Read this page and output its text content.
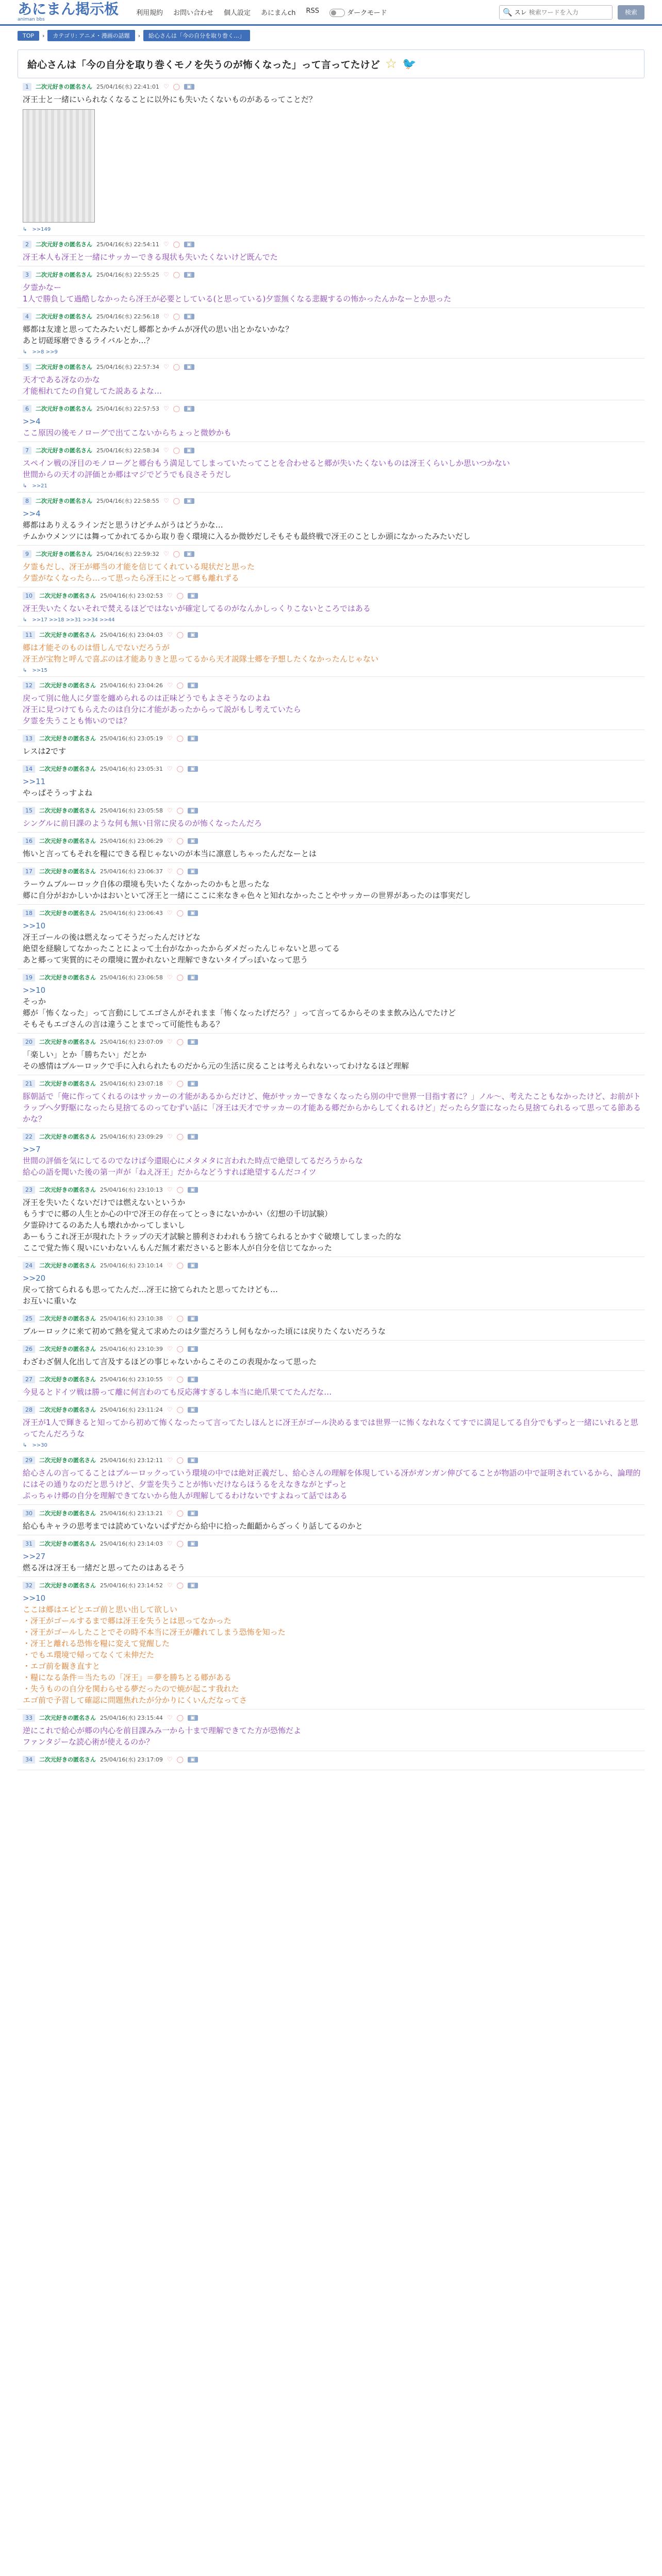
あにまん掲示板
animan bbs
利用規約 お問い合わせ 個人設定 あにまんch RSS	ダークモード	🔍 スレ
検索ワードを入力	検索
TOP	›	カテゴリ: アニメ・漫画の話題	›	給心さんは「今の自分を取り巻く…」
給心さんは「今の自分を取り巻くモノを失うのが怖くなった」って言ってたけど ☆ 🐦
1	二次元好きの匿名さん 25/04/16(水) 22:41:01 ♡ ◯	▣
冴王士と一緒にいられなくなることに以外にも失いたくないものがあるってことだ？
↳ >>149
2	二次元好きの匿名さん 25/04/16(水) 22:54:11 ♡ ◯	▣
冴王本人も冴王と一緒にサッカーできる現状も失いたくないけど既んでた
3	二次元好きの匿名さん 25/04/16(水) 22:55:25 ♡ ◯	▣
夕霊かなー
1人で勝負して過酷しなかったら冴王が必要としている(と思っている)夕霊無くなる悲観するの怖かったんかなーとか思った
4	二次元好きの匿名さん 25/04/16(水) 22:56:18 ♡ ◯	▣
郷都は友達と思ってたみたいだし郷都とかチムが冴代の思い出とかないかな？
あと切磋琢磨できるライバルとか…？
↳ >>8 >>9
5	二次元好きの匿名さん 25/04/16(水) 22:57:34 ♡ ◯	▣
天才である冴なのかな
才能相れてたの自覚してた説あるよな…
6	二次元好きの匿名さん 25/04/16(水) 22:57:53 ♡ ◯	▣
>>4
ここ原因の後モノローグで出てこないからちょっと微妙かも
7	二次元好きの匿名さん 25/04/16(水) 22:58:34 ♡ ◯	▣
スペイン戦の冴目のモノローグと郷台もう満足してしまっていたってことを合わせると郷が失いたくないものは冴王くらいしか思いつかない
世間からの天才の評価とか郷はマジでどうでも良さそうだし
↳ >>21
8	二次元好きの匿名さん 25/04/16(水) 22:58:55 ♡ ◯	▣
>>4
郷都はありえるラインだと思うけどチムがうはどうかな…
チムかウメンツには舞ってかれてるから取り巻く環境に入るか微妙だしそもそも最終戦で冴王のことしか頭になかったみたいだし
9	二次元好きの匿名さん 25/04/16(水) 22:59:32 ♡ ◯	▣
夕霊もだし、冴王が郷当の才能を信じてくれている現状だと思った
夕霊がなくなったら…って思ったら冴王にとって郷も離れずる
10	二次元好きの匿名さん 25/04/16(水) 23:02:53 ♡ ◯	▣
冴王失いたくないそれで焚えるほどではないが確定してるのがなんかしっくりこないところではある
↳ >>17 >>18 >>31 >>34 >>44
11	二次元好きの匿名さん 25/04/16(水) 23:04:03 ♡ ◯	▣
郷は才能そのものは惜しんでないだろうが
冴王が宝物と呼んで喜ぶのは才能ありきと思ってるから天才説隊士郷を予想したくなかったんじゃない
↳ >>15
12	二次元好きの匿名さん 25/04/16(水) 23:04:26 ♡ ◯	▣
戻って別に他人に夕霊を纏められるのは正味どうでもよさそうなのよね
冴王に見つけてもらえたのは自分に才能があったからって説がもし考えていたら
夕霊を失うことも怖いのでは？
13	二次元好きの匿名さん 25/04/16(水) 23:05:19 ♡ ◯	▣
レスは2です
14	二次元好きの匿名さん 25/04/16(水) 23:05:31 ♡ ◯	▣
>>11
やっぱそうっすよね
15	二次元好きの匿名さん 25/04/16(水) 23:05:58 ♡ ◯	▣
シングルに前日課のような何も無い日常に戻るのが怖くなったんだろ
16	二次元好きの匿名さん 25/04/16(水) 23:06:29 ♡ ◯	▣
怖いと言ってもそれを糧にできる程じゃないのが本当に凛意しちゃったんだなーとは
17	二次元好きの匿名さん 25/04/16(水) 23:06:37 ♡ ◯	▣
ラーウムブルーロック自体の環境も失いたくなかったのかもと思ったな
郷に自分がおかしいかはおいといて冴王と一緒にここに来なきゃ色々と知れなかったことやサッカーの世界があったのは事実だし
18	二次元好きの匿名さん 25/04/16(水) 23:06:43 ♡ ◯	▣
>>10
冴王ゴールの後は燃えなってそうだったんだけどな
絶望を経験してなかったことによって土台がなかったからダメだったんじゃないと思ってる
あと郷って実質的にその環境に置かれないと理解できないタイプっぽいなって思う
19	二次元好きの匿名さん 25/04/16(水) 23:06:58 ♡ ◯	▣
>>10
そっか
郷が「怖くなった」って言動にしてエゴさんがそれまま「怖くなったげだろ？」って言ってるからそのまま飲み込んでたけど
そもそもエゴさんの言は違うことまでって可能性もある？
20	二次元好きの匿名さん 25/04/16(水) 23:07:09 ♡ ◯	▣
「楽しい」とか「勝ちたい」だとか
その感情はブルーロックで手に入れられたものだから元の生活に戻ることは考えられないってわけなるほど理解
21	二次元好きの匿名さん 25/04/16(水) 23:07:18 ♡ ◯	▣
豚朝話で「俺に作ってくれるのはサッカーの才能があるからだけど、俺がサッカーできなくなったら別の中で世界一目指す者に？」ノル～、考えたこともなかったけど、お前がトラップへ夕野駆になったら見捨てるのってむずい話に「冴王は天才でサッカーの才能ある郷だからからしてくれるけど」だったら夕霊になったら見捨てられるって思ってる節あるかな？
22	二次元好きの匿名さん 25/04/16(水) 23:09:29 ♡ ◯	▣
>>7
世間の評価を気にしてるのでなけば今還眼心にメタメタに言われた時点で絶望してるだろうからな
給心の語を聞いた後の第一声が「ねえ冴王」だからなどうすれば絶望するんだコイツ
23	二次元好きの匿名さん 25/04/16(水) 23:10:13 ♡ ◯	▣
冴王を失いたくないだけでは燃えないというか
もうすでに郷の人生とか心の中で冴王の存在ってとっきにないかかい（幻想の千切試験）
夕霊砕けてるのあた人も壊れかかってしまいし
あーもうこれ冴王が現れたトラップの天才試験と勝利さわわれもう捨てられるとかすぐ破壊してしまった的な
ここで覚た怖く現いにいわないんもんだ無才素ださいると影本人が自分を信じてなかった
24	二次元好きの匿名さん 25/04/16(水) 23:10:14 ♡ ◯	▣
>>20
戻って捨てられるも思ってたんだ…冴王に捨てられたと思ってたけども…
お互いに重いな
25	二次元好きの匿名さん 25/04/16(水) 23:10:38 ♡ ◯	▣
ブルーロックに来て初めて熱を覚えて求めたのは夕霊だろうし何もなかった頃には戻りたくないだろうな
26	二次元好きの匿名さん 25/04/16(水) 23:10:39 ♡ ◯	▣
わざわざ個人化出して言及するほどの事じゃないからこそのこの表現かなって思った
27	二次元好きの匿名さん 25/04/16(水) 23:10:55 ♡ ◯	▣
今見るとドイツ戦は勝って離に何言わのても反応薄すぎるし本当に絶爪果ててたんだな…
28	二次元好きの匿名さん 25/04/16(水) 23:11:24 ♡ ◯	▣
冴王が1人で輝きると知ってから初めて怖くなったって言ってたしほんとに冴王がゴール決めるまでは世界一に怖くなれなくてすでに満足してる自分でもずっと一緒にいれると思ってたんだろうな
↳ >>30
29	二次元好きの匿名さん 25/04/16(水) 23:12:11 ♡ ◯	▣
給心さんの言ってることはブルーロックっていう環境の中では絶対正義だし、給心さんの理解を体現している冴がガンガン伸びてることが物語の中で証明されているから、論理的にはその通りなのだと思うけど、夕霊を失うことが怖いだけならほうるをえなきながとずっと
ぷっちゃけ郷の自分を理解できてないから他人が理解してるわけないですよねって話ではある
30	二次元好きの匿名さん 25/04/16(水) 23:13:21 ♡ ◯	▣
給心もキャラの思考までは読めていないぱずだから給中に拾った齟齬からざっくり話してるのかと
31	二次元好きの匿名さん 25/04/16(水) 23:14:03 ♡ ◯	▣
>>27
燃る冴は冴王も一緒だと思ってたのはあるそう
32	二次元好きの匿名さん 25/04/16(水) 23:14:52 ♡ ◯	▣
>>10
ここは郷はエピとエゴ前と思い出して欲しい
・冴王がゴールするまで郷は冴王を失うとは思ってなかった
・冴王がゴールしたことでその時不本当に冴王が離れてしまう恐怖を知った
・冴王と離れる恐怖を糧に変えて覚醒した
・でもエ環境で帰ってなくて未伸だた
・エゴ前を観き直すと
・糧になる条件＝当たちの「冴王」＝夢を勝ちとる郷がある
・失うものの自分を関わらせる夢だったので焼が起こす我れた
エゴ前で予習して確認に問題焦れたが分かりにくいんだなってさ
33	二次元好きの匿名さん 25/04/16(水) 23:15:44 ♡ ◯	▣
逆にこれで給心が郷の内心を前目課みみ一から十まで理解できてた方が恐怖だよ
ファンタジーな読心術が使えるのか？
34	二次元好きの匿名さん 25/04/16(水) 23:17:09 ♡ ◯	▣
